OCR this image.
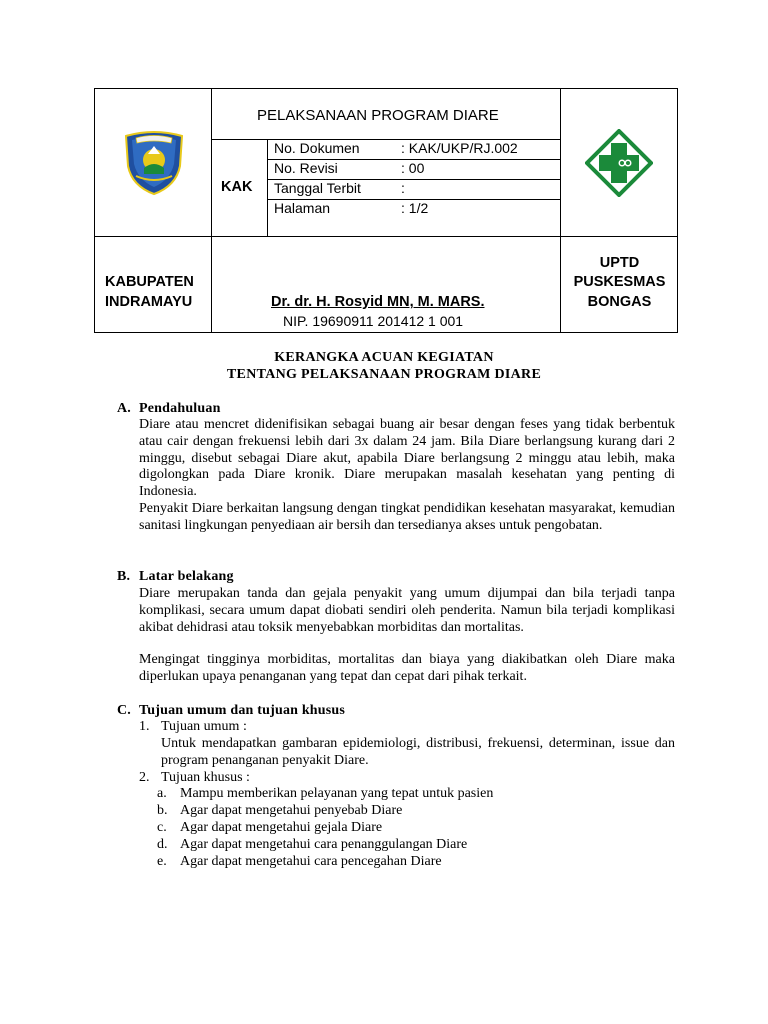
PELAKSANAAN PROGRAM DIARE
KAK
No. Dokumen	: KAK/UKP/RJ.002
No. Revisi	: 00
Tanggal Terbit	:
Halaman	: 1/2
KABUPATEN
INDRAMAYU	Dr. dr. H. Rosyid MN, M. MARS.
NIP. 19690911 201412 1 001
UPTD
PUSKESMAS
BONGAS
KERANGKA ACUAN KEGIATAN
TENTANG PELAKSANAAN PROGRAM DIARE
A. Pendahuluan
Diare atau mencret didenifisikan sebagai buang air besar dengan feses yang tidak berbentuk atau cair dengan frekuensi lebih dari 3x dalam 24 jam. Bila Diare berlangsung kurang dari 2 minggu, disebut sebagai Diare akut, apabila Diare berlangsung 2 minggu atau lebih, maka digolongkan pada Diare kronik. Diare merupakan masalah kesehatan yang penting di Indonesia.
Penyakit Diare berkaitan langsung dengan tingkat pendidikan kesehatan masyarakat, kemudian sanitasi lingkungan penyediaan air bersih dan tersedianya akses untuk pengobatan.
B. Latar belakang
Diare merupakan tanda dan gejala penyakit yang umum dijumpai dan bila terjadi tanpa komplikasi, secara umum dapat diobati sendiri oleh penderita. Namun bila terjadi komplikasi akibat dehidrasi atau toksik menyebabkan morbiditas dan mortalitas.
Mengingat tingginya morbiditas, mortalitas dan biaya yang diakibatkan oleh Diare maka diperlukan upaya penanganan yang tepat dan cepat dari pihak terkait.
C. Tujuan umum dan tujuan khusus
1. Tujuan umum :
Untuk mendapatkan gambaran epidemiologi, distribusi, frekuensi, determinan, issue dan program penanganan penyakit Diare.
2. Tujuan khusus :
a. Mampu memberikan pelayanan yang tepat untuk pasien
b. Agar dapat mengetahui penyebab Diare
c. Agar dapat mengetahui gejala Diare
d. Agar dapat mengetahui cara penanggulangan Diare
e. Agar dapat mengetahui cara pencegahan Diare
